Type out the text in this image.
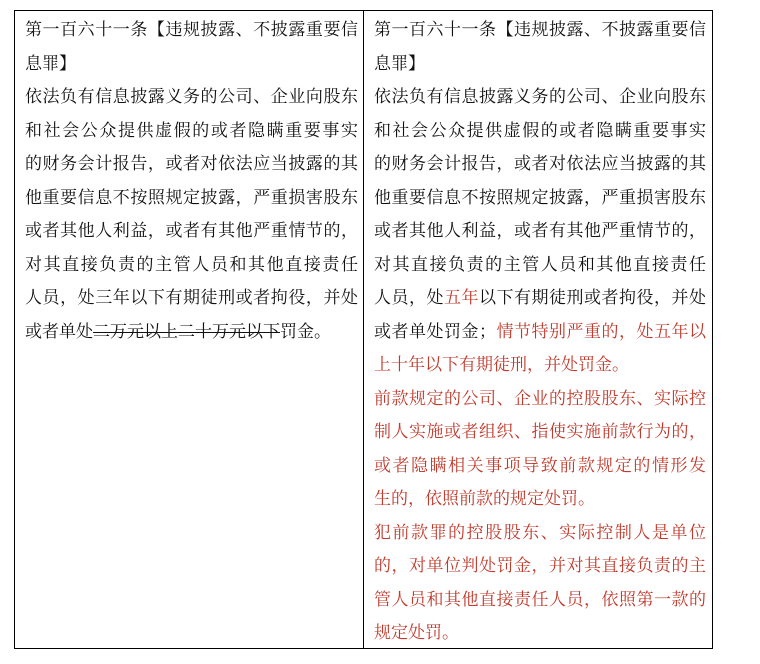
第一百六十一条【违规披露、不披露重要信
息罪】
依法负有信息披露义务的公司、企业向股东
和社会公众提供虚假的或者隐瞒重要事实
的财务会计报告，或者对依法应当披露的其
他重要信息不按照规定披露，严重损害股东
或者其他人利益，或者有其他严重情节的，
对其直接负责的主管人员和其他直接责任
人员，处三年以下有期徒刑或者拘役，并处
或者单处二万元以上二十万元以下罚金。
第一百六十一条【违规披露、不披露重要信
息罪】
依法负有信息披露义务的公司、企业向股东
和社会公众提供虚假的或者隐瞒重要事实
的财务会计报告，或者对依法应当披露的其
他重要信息不按照规定披露，严重损害股东
或者其他人利益，或者有其他严重情节的，
对其直接负责的主管人员和其他直接责任
人员，处五年以下有期徒刑或者拘役，并处
或者单处罚金；情节特别严重的，处五年以
上十年以下有期徒刑，并处罚金。
前款规定的公司、企业的控股股东、实际控
制人实施或者组织、指使实施前款行为的，
或者隐瞒相关事项导致前款规定的情形发
生的，依照前款的规定处罚。
犯前款罪的控股股东、实际控制人是单位
的，对单位判处罚金，并对其直接负责的主
管人员和其他直接责任人员，依照第一款的
规定处罚。
